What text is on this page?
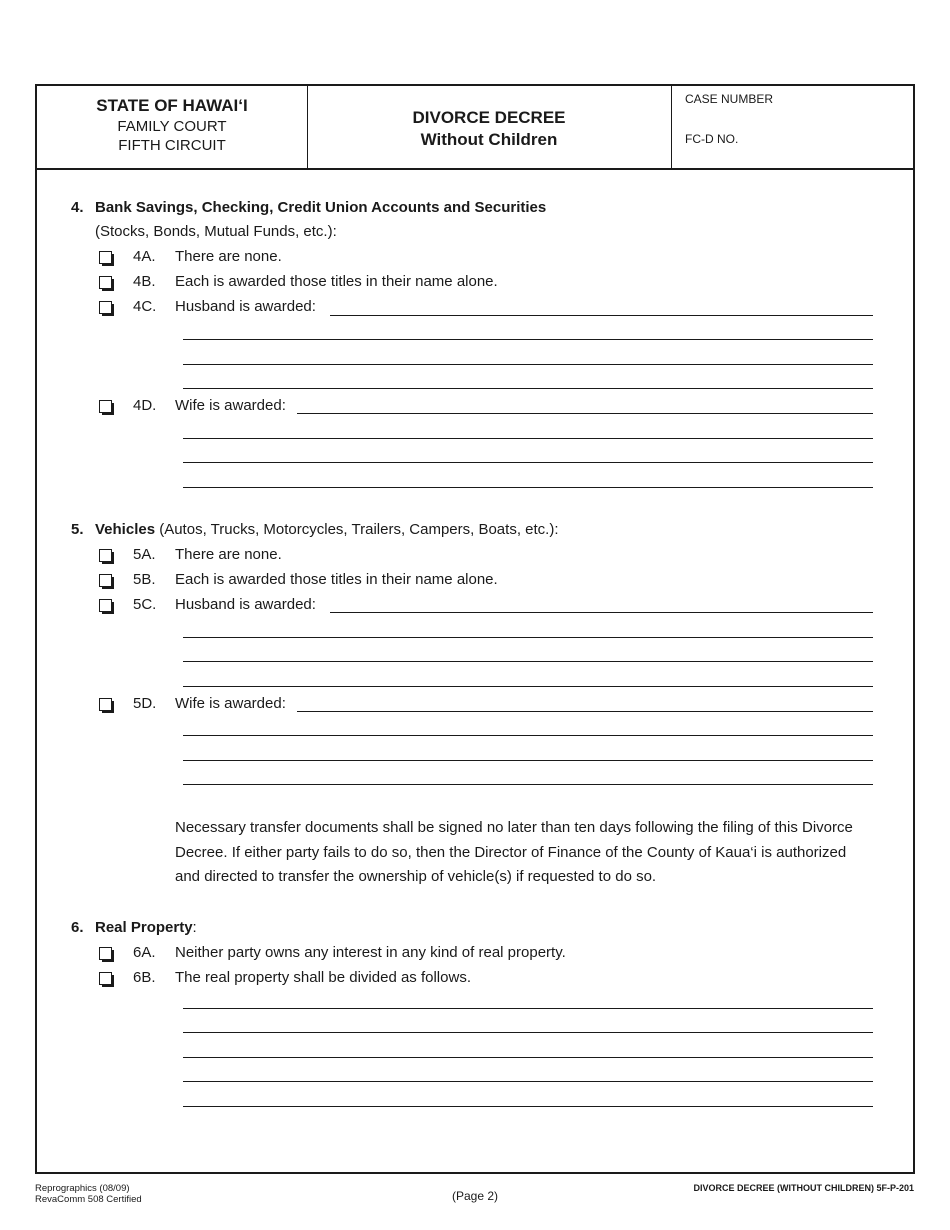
STATE OF HAWAI‘I
FAMILY COURT
FIFTH CIRCUIT
DIVORCE DECREE
Without Children
CASE NUMBER
FC-D NO.
4. Bank Savings, Checking, Credit Union Accounts and Securities
(Stocks, Bonds, Mutual Funds, etc.):
4A. There are none.
4B. Each is awarded those titles in their name alone.
4C. Husband is awarded:
4D. Wife is awarded:
5. Vehicles (Autos, Trucks, Motorcycles, Trailers, Campers, Boats, etc.):
5A. There are none.
5B. Each is awarded those titles in their name alone.
5C. Husband is awarded:
5D. Wife is awarded:
Necessary transfer documents shall be signed no later than ten days following the filing of this Divorce
Decree. If either party fails to do so, then the Director of Finance of the County of Kaua‘i is authorized
and directed to transfer the ownership of vehicle(s) if requested to do so.
6. Real Property:
6A. Neither party owns any interest in any kind of real property.
6B. The real property shall be divided as follows.
Reprographics (08/09)
RevaComm 508 Certified	(Page 2)
DIVORCE DECREE (WITHOUT CHILDREN) 5F-P-201
